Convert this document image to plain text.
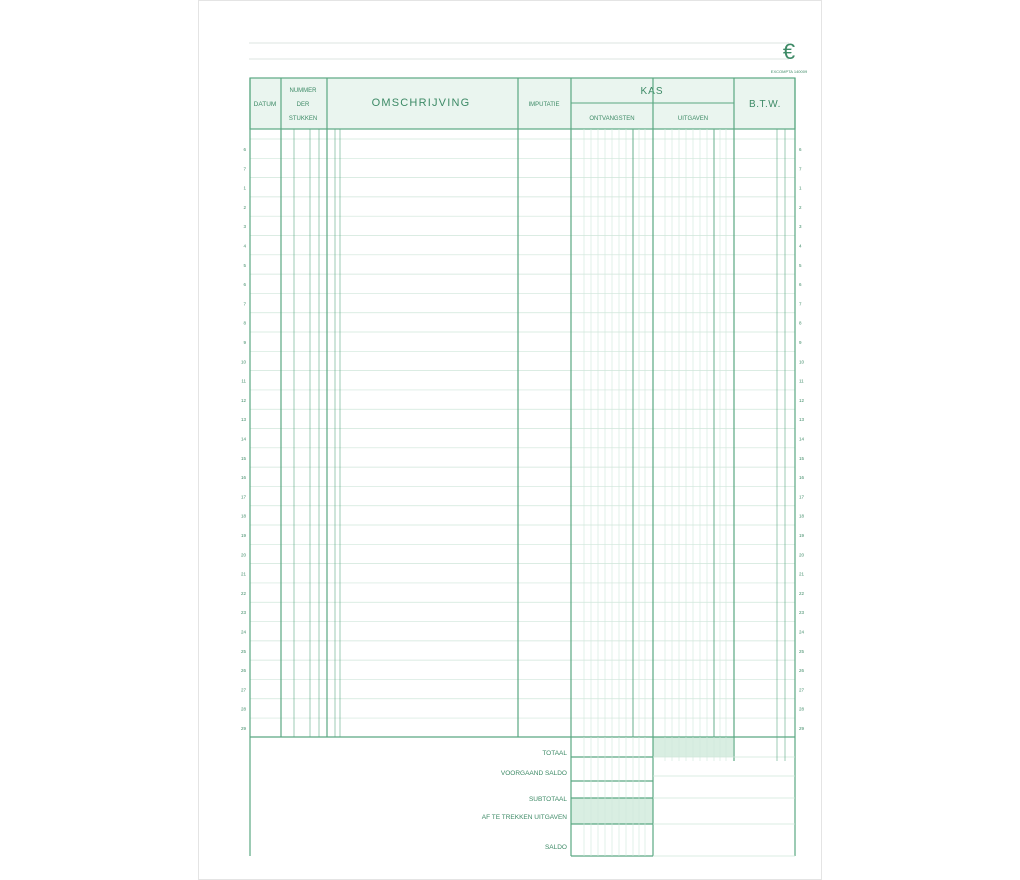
€
EXCOMPTA 140009
DATUM
NUMMER
DER
STUKKEN
OMSCHRIJVING	IMPUTATIE
KAS
ONTVANGSTEN	UITGAVEN
B.T.W.
6
7
1
2
3
4
5
6
7
8
9
10
11
12
13
14
15
16
17
18
19
20
21
22
23
24
25
26
27
28
29
6
7
1
2
3
4
5
6
7
8
9
10
11
12
13
14
15
16
17
18
19
20
21
22
23
24
25
26
27
28
29
TOTAAL
VOORGAAND SALDO
SUBTOTAAL
AF TE TREKKEN UITGAVEN
SALDO
